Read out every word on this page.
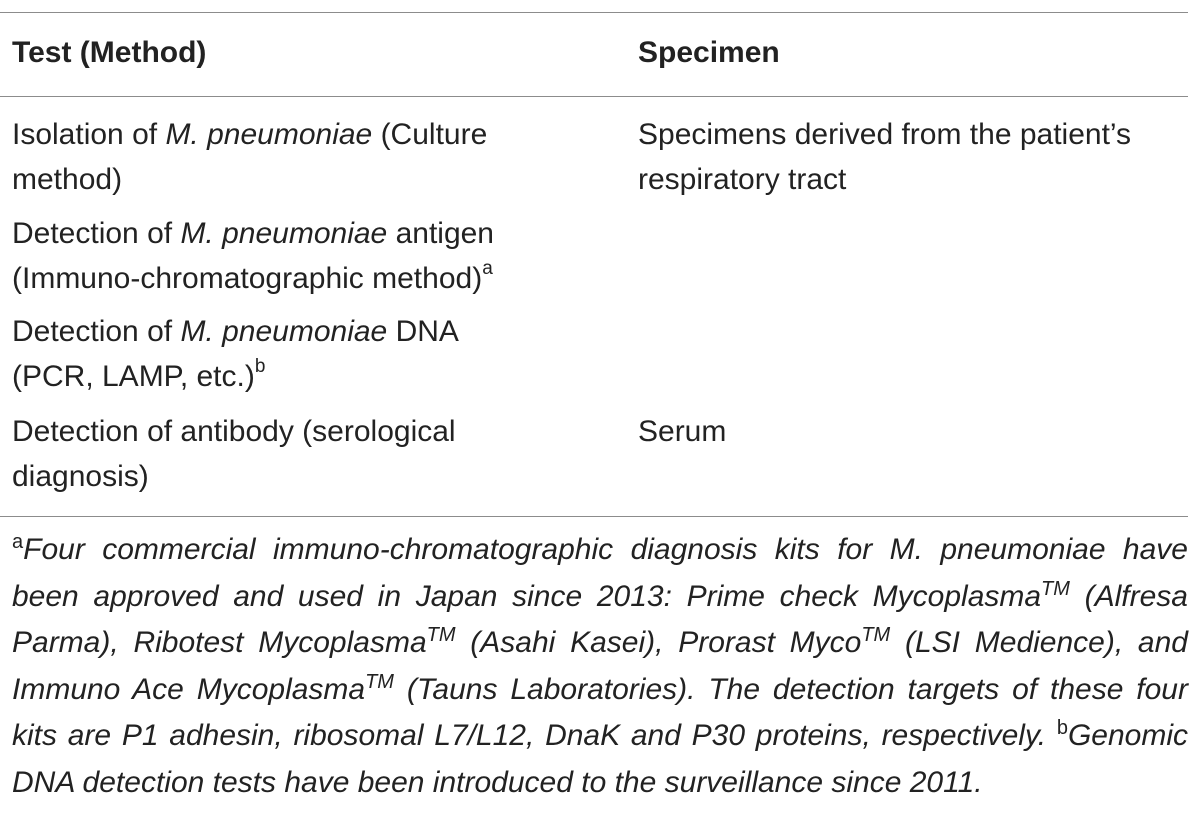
Test (Method)	Specimen
Isolation of M. pneumoniae (Culture
method)
Specimens derived from the patient’s
respiratory tract
Detection of M. pneumoniae antigen
(Immuno-chromatographic method)$^a$
Detection of M. pneumoniae DNA
(PCR, LAMP, etc.)$^b$
Detection of antibody (serological
diagnosis)
Serum
$^a$Four commercial immuno-chromatographic diagnosis kits for M. pneumoniae have been approved and used in Japan since 2013: Prime check Mycoplasma™ (Alfresa Parma), Ribotest Mycoplasma™ (Asahi Kasei), Prorast Myco™ (LSI Medience), and Immuno Ace Mycoplasma™ (Tauns Laboratories). The detection targets of these four kits are P1 adhesin, ribosomal L7/L12, DnaK and P30 proteins, respectively. $^b$Genomic DNA detection tests have been introduced to the surveillance since 2011.
